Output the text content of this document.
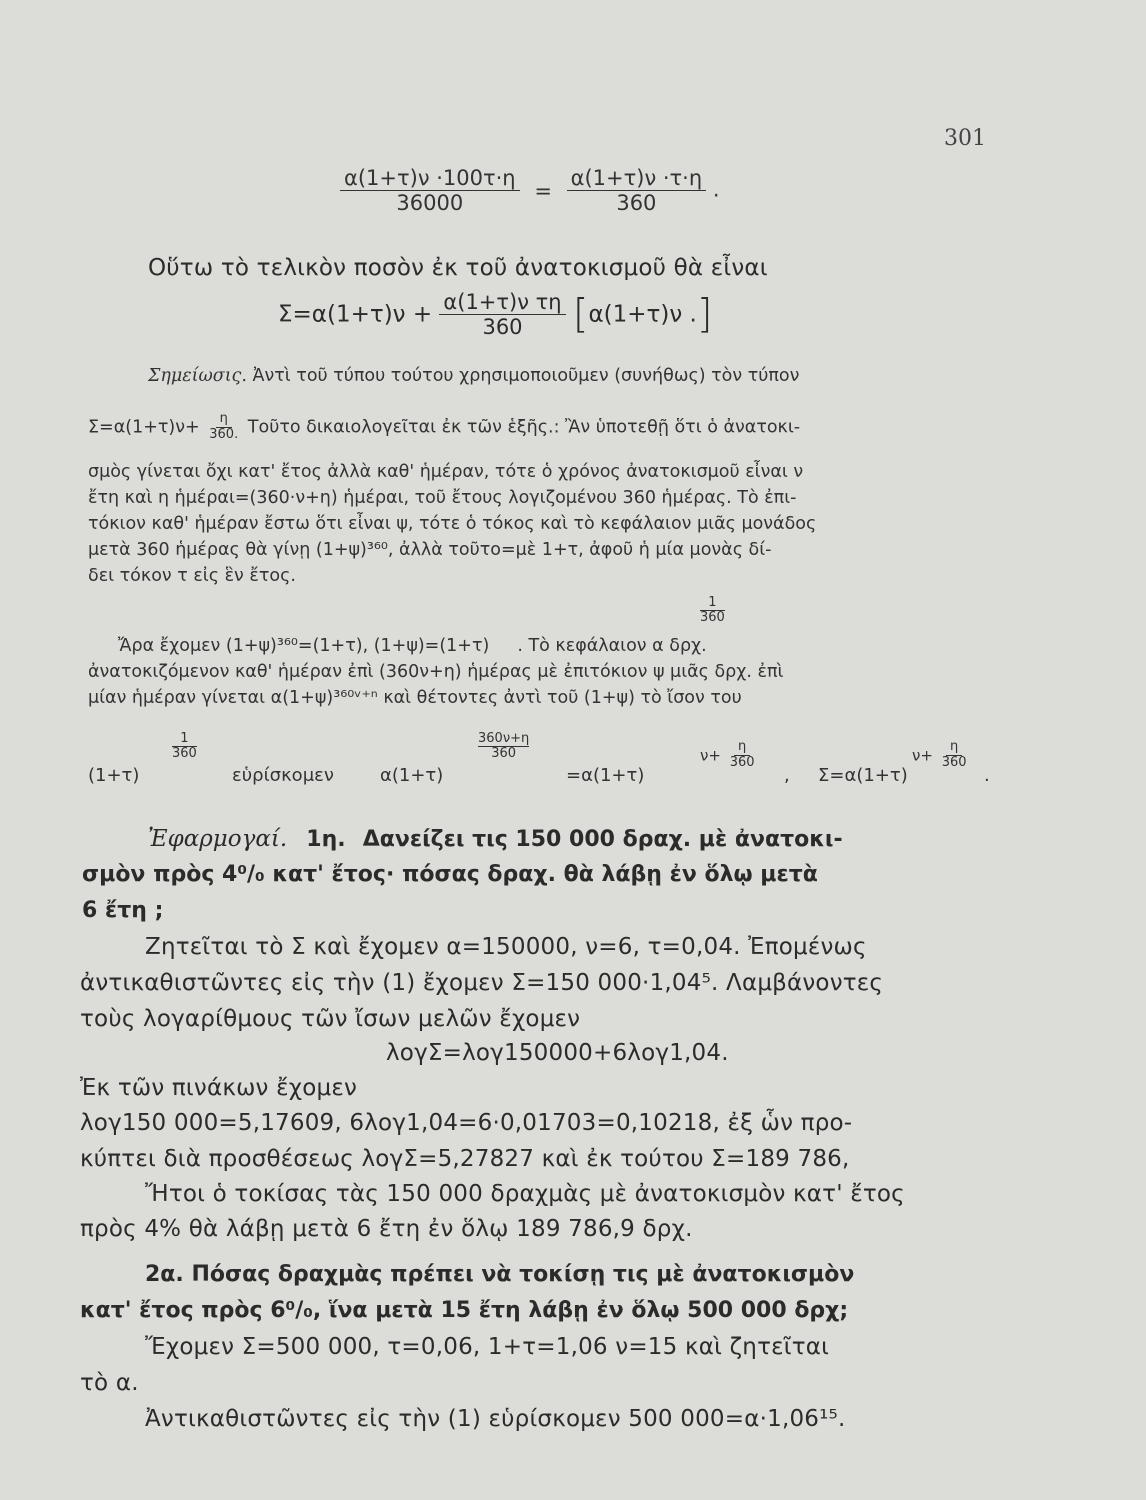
301
$\frac{\alpha(1+\tau)\nu \cdot 100\tau\cdot\eta}{36000} = \frac{\alpha(1+\tau)\nu \cdot\tau\cdot\eta}{360}$ .
Οὕτω τὸ τελικὸν ποσὸν ἐκ τοῦ ἀνατοκισμοῦ θὰ εἶναι
$\Sigma=\alpha(1+\tau)\nu + \frac{\text{α(1+τ)ν τη}}{360} [\alpha(1+\tau)\nu$ .]
Σημείωσις. Ἀντὶ τοῦ τύπου τούτου χρησιμοποιοῦμεν (συνήθως) τὸν τύπον
$\Sigma=\alpha(1+\tau)\nu+ \frac{\eta}{360.}$ Τοῦτο δικαιολογεῖται ἐκ τῶν ἑξῆς.: Ἂν ὑποτεθῇ ὅτι ὁ ἀνατοκι-
σμὸς γίνεται ὄχι κατ' ἔτος ἀλλὰ καθ' ἡμέραν, τότε ὁ χρόνος ἀνατοκισμοῦ εἶναι ν
ἔτη καὶ η ἡμέραι=(360·ν+η) ἡμέραι, τοῦ ἔτους λογιζομένου 360 ἡμέρας. Τὸ ἐπι-
τόκιον καθ' ἡμέραν ἔστω ὅτι εἶναι ψ, τότε ὁ τόκος καὶ τὸ κεφάλαιον μιᾶς μονάδος
μετὰ 360 ἡμέρας θὰ γίνῃ (1+ψ)³⁶⁰, ἀλλὰ τοῦτο=μὲ 1+τ, ἀφοῦ ἡ μία μονὰς δί-
δει τόκον τ εἰς ἓν ἔτος.
$\frac{1}{360}$
Ἄρα ἔχομεν (1+ψ)³⁶⁰=(1+τ), (1+ψ)=(1+τ) . Τὸ κεφάλαιον α δρχ.
ἀνατοκιζόμενον καθ' ἡμέραν ἐπὶ (360ν+η) ἡμέρας μὲ ἐπιτόκιον ψ μιᾶς δρχ. ἐπὶ
μίαν ἡμέραν γίνεται α(1+ψ)³⁶⁰ᵛ⁺ⁿ καὶ θέτοντες ἀντὶ τοῦ (1+ψ) τὸ ἴσον του
$\frac{1}{360}$	$\frac{360\nu+\eta}{360}$	$\nu+ \frac{\eta}{360}$	$\nu+ \frac{\eta}{360}$
(1+τ)	εὑρίσκομεν	α(1+τ)	=α(1+τ)	, Σ=α(1+τ)	.
Ἐφαρμογαί. 1η. Δανείζει τις 150 000 δραχ. μὲ ἀνατοκι-
σμὸν πρὸς 4⁰/₀ κατ' ἔτος· πόσας δραχ. θὰ λάβῃ ἐν ὅλῳ μετὰ
6 ἔτη ;
Ζητεῖται τὸ Σ καὶ ἔχομεν α=150000, ν=6, τ=0,04. Ἐπομένως
ἀντικαθιστῶντες εἰς τὴν (1) ἔχομεν Σ=150 000·1,04⁵. Λαμβάνοντες
τοὺς λογαρίθμους τῶν ἴσων μελῶν ἔχομεν
λογΣ=λογ150000+6λογ1,04.
Ἐκ τῶν πινάκων ἔχομεν
λογ150 000=5,17609, 6λογ1,04=6·0,01703=0,10218, ἐξ ὧν προ-
κύπτει διὰ προσθέσεως λογΣ=5,27827 καὶ ἐκ τούτου Σ=189 786,
Ἤτοι ὁ τοκίσας τὰς 150 000 δραχμὰς μὲ ἀνατοκισμὸν κατ' ἔτος
πρὸς 4% θὰ λάβῃ μετὰ 6 ἔτη ἐν ὅλῳ 189 786,9 δρχ.
2α. Πόσας δραχμὰς πρέπει νὰ τοκίσῃ τις μὲ ἀνατοκισμὸν
κατ' ἔτος πρὸς 6⁰/₀, ἵνα μετὰ 15 ἔτη λάβῃ ἐν ὅλῳ 500 000 δρχ;
Ἔχομεν Σ=500 000, τ=0,06, 1+τ=1,06 ν=15 καὶ ζητεῖται
τὸ α.
Ἀντικαθιστῶντες εἰς τὴν (1) εὑρίσκομεν 500 000=α·1,06¹⁵.
